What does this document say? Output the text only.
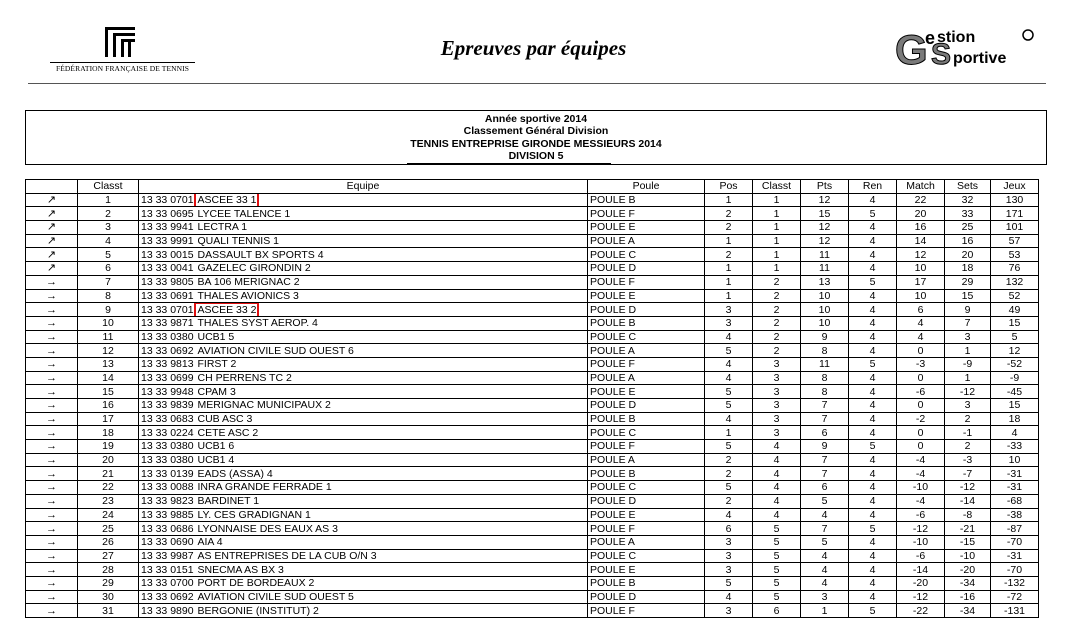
FÉDÉRATION FRANÇAISE DE TENNIS
Epreuves par équipes	G
e stion
S portive
Année sportive 2014
Classement Général Division
TENNIS ENTREPRISE GIRONDE MESSIEURS 2014
DIVISION 5
	Classt	Equipe	Poule	Pos	Classt	Pts	Ren	Match	Sets	Jeux
↗	1	13 33 0701 ASCEE 33 1	POULE B	1	1	12	4	22	32	130
↗	2	13 33 0695 LYCEE TALENCE 1	POULE F	2	1	15	5	20	33	171
↗	3	13 33 9941 LECTRA 1	POULE E	2	1	12	4	16	25	101
↗	4	13 33 9991 QUALI TENNIS 1	POULE A	1	1	12	4	14	16	57
↗	5	13 33 0015 DASSAULT BX SPORTS 4	POULE C	2	1	11	4	12	20	53
↗	6	13 33 0041 GAZELEC GIRONDIN 2	POULE D	1	1	11	4	10	18	76
→	7	13 33 9805 BA 106 MERIGNAC 2	POULE F	1	2	13	5	17	29	132
→	8	13 33 0691 THALES AVIONICS 3	POULE E	1	2	10	4	10	15	52
→	9	13 33 0701 ASCEE 33 2	POULE D	3	2	10	4	6	9	49
→	10	13 33 9871 THALES SYST AEROP. 4	POULE B	3	2	10	4	4	7	15
→	11	13 33 0380 UCB1 5	POULE C	4	2	9	4	4	3	5
→	12	13 33 0692 AVIATION CIVILE SUD OUEST 6	POULE A	5	2	8	4	0	1	12
→	13	13 33 9813 FIRST 2	POULE F	4	3	11	5	-3	-9	-52
→	14	13 33 0699 CH PERRENS TC 2	POULE A	4	3	8	4	0	1	-9
→	15	13 33 9948 CPAM 3	POULE E	5	3	8	4	-6	-12	-45
→	16	13 33 9839 MERIGNAC MUNICIPAUX 2	POULE D	5	3	7	4	0	3	15
→	17	13 33 0683 CUB ASC 3	POULE B	4	3	7	4	-2	2	18
→	18	13 33 0224 CETE ASC 2	POULE C	1	3	6	4	0	-1	4
→	19	13 33 0380 UCB1 6	POULE F	5	4	9	5	0	2	-33
→	20	13 33 0380 UCB1 4	POULE A	2	4	7	4	-4	-3	10
→	21	13 33 0139 EADS (ASSA) 4	POULE B	2	4	7	4	-4	-7	-31
→	22	13 33 0088 INRA GRANDE FERRADE 1	POULE C	5	4	6	4	-10	-12	-31
→	23	13 33 9823 BARDINET 1	POULE D	2	4	5	4	-4	-14	-68
→	24	13 33 9885 LY. CES GRADIGNAN 1	POULE E	4	4	4	4	-6	-8	-38
→	25	13 33 0686 LYONNAISE DES EAUX AS 3	POULE F	6	5	7	5	-12	-21	-87
→	26	13 33 0690 AIA 4	POULE A	3	5	5	4	-10	-15	-70
→	27	13 33 9987 AS ENTREPRISES DE LA CUB O/N 3	POULE C	3	5	4	4	-6	-10	-31
→	28	13 33 0151 SNECMA AS BX 3	POULE E	3	5	4	4	-14	-20	-70
→	29	13 33 0700 PORT DE BORDEAUX 2	POULE B	5	5	4	4	-20	-34	-132
→	30	13 33 0692 AVIATION CIVILE SUD OUEST 5	POULE D	4	5	3	4	-12	-16	-72
→	31	13 33 9890 BERGONIE (INSTITUT) 2	POULE F	3	6	1	5	-22	-34	-131
